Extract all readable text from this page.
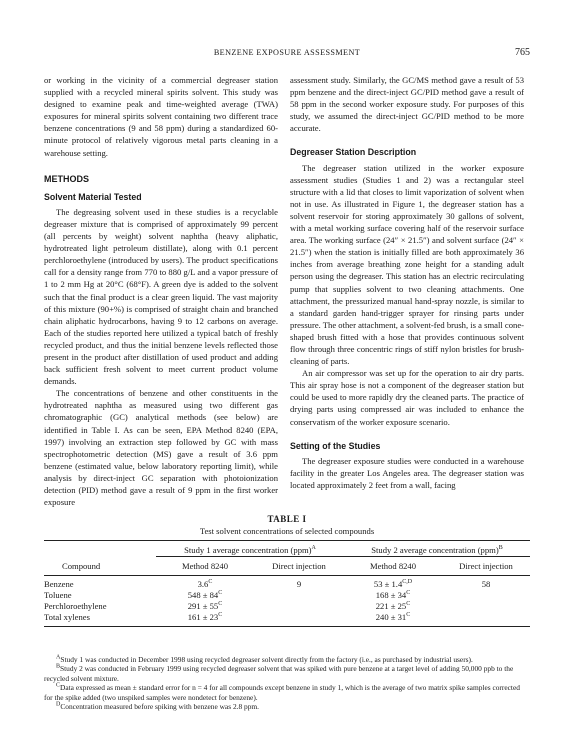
BENZENE EXPOSURE ASSESSMENT	765

or working in the vicinity of a commercial degreaser station supplied with a recycled mineral spirits solvent. This study was designed to examine peak and time-weighted average (TWA) exposures for mineral spirits solvent containing two different trace benzene concentrations (9 and 58 ppm) during a standardized 60-minute protocol of relatively vigorous metal parts cleaning in a warehouse setting.

METHODS
Solvent Material Tested

The degreasing solvent used in these studies is a recyclable degreaser mixture that is comprised of approximately 99 percent (all percents by weight) solvent naphtha (heavy aliphatic, hydrotreated light petroleum distillate), along with 0.1 percent perchloroethylene (introduced by users). The product specifications call for a density range from 770 to 880 g/L and a vapor pressure of 1 to 2 mm Hg at 20°C (68°F). A green dye is added to the solvent such that the final product is a clear green liquid. The vast majority of this mixture (90+%) is comprised of straight chain and branched chain aliphatic hydrocarbons, having 9 to 12 carbons on average. Each of the studies reported here utilized a typical batch of freshly recycled product, and thus the initial benzene levels reflected those present in the product after distillation of used product and adding back sufficient fresh solvent to meet current product volume demands.

The concentrations of benzene and other constituents in the hydrotreated naphtha as measured using two different gas chromatographic (GC) analytical methods (see below) are identified in Table I. As can be seen, EPA Method 8240 (EPA, 1997) involving an extraction step followed by GC with mass spectrophotometric detection (MS) gave a result of 3.6 ppm benzene (estimated value, below laboratory reporting limit), while analysis by direct-inject GC separation with photoionization detection (PID) method gave a result of 9 ppm in the first worker exposure

assessment study. Similarly, the GC/MS method gave a result of 53 ppm benzene and the direct-inject GC/PID method gave a result of 58 ppm in the second worker exposure study. For purposes of this study, we assumed the direct-inject GC/PID method to be more accurate.

Degreaser Station Description

The degreaser station utilized in the worker exposure assessment studies (Studies 1 and 2) was a rectangular steel structure with a lid that closes to limit vaporization of solvent when not in use. As illustrated in Figure 1, the degreaser station has a solvent reservoir for storing approximately 30 gallons of solvent, with a metal working surface covering half of the reservoir surface area. The working surface (24″ × 21.5″) and solvent surface (24″ × 21.5″) when the station is initially filled are both approximately 36 inches from average breathing zone height for a standing adult person using the degreaser. This station has an electric recirculating pump that supplies solvent to two cleaning attachments. One attachment, the pressurized manual hand-spray nozzle, is similar to a standard garden hand-trigger sprayer for rinsing parts under pressure. The other attachment, a solvent-fed brush, is a small cone-shaped brush fitted with a hose that provides continuous solvent flow through three concentric rings of stiff nylon bristles for brush-cleaning of parts.

An air compressor was set up for the operation to air dry parts. This air spray hose is not a component of the degreaser station but could be used to more rapidly dry the cleaned parts. The practice of drying parts using compressed air was included to enhance the conservatism of the worker exposure scenario.

Setting of the Studies

The degreaser exposure studies were conducted in a warehouse facility in the greater Los Angeles area. The degreaser station was located approximately 2 feet from a wall, facing

TABLE I
Test solvent concentrations of selected compounds
	Study 1 average concentration (ppm)$^A$		Study 2 average concentration (ppm)$^B$
Compound	Method 8240	Direct injection	Method 8240	Direct injection
Benzene	$3.6^C$	9	$53 \pm 1.4^{C,D}$	58
Toluene	$548 \pm 84^C$		$168 \pm 34^C$	
Perchloroethylene	$291 \pm 55^C$		$221 \pm 25^C$	
Total xylenes	$161 \pm 23^C$		$240 \pm 31^C$	

$^A$Study 1 was conducted in December 1998 using recycled degreaser solvent directly from the factory (i.e., as purchased by industrial users).

$^B$Study 2 was conducted in February 1999 using recycled degreaser solvent that was spiked with pure benzene at a target level of adding 50,000 ppb to the recycled solvent mixture.

$^C$Data expressed as mean ± standard error for n = 4 for all compounds except benzene in study 1, which is the average of two matrix spike samples corrected for the spike added (two unspiked samples were nondetect for benzene).

$^D$Concentration measured before spiking with benzene was 2.8 ppm.
